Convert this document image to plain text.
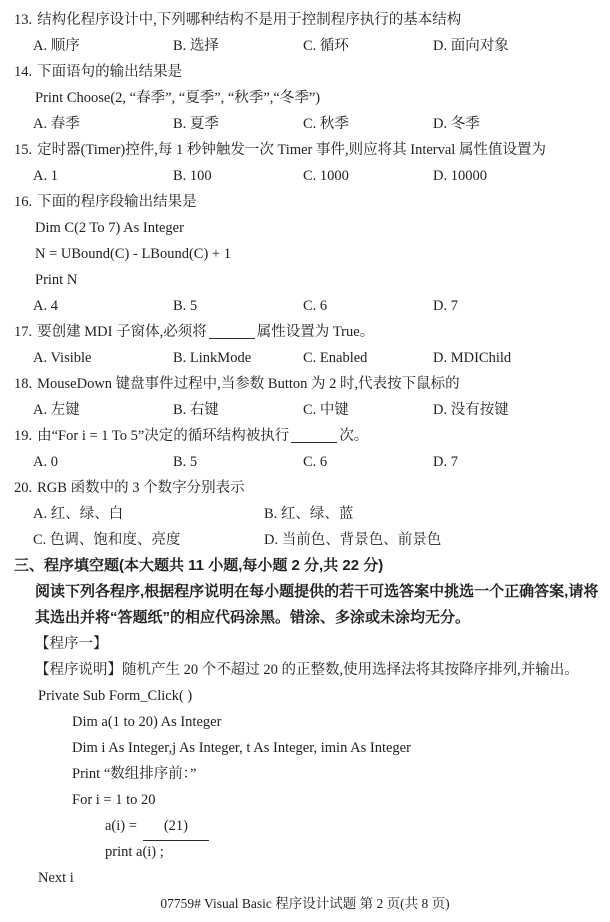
13. 结构化程序设计中,下列哪种结构不是用于控制程序执行的基本结构
A. 顺序	B. 选择	C. 循环	D. 面向对象
14. 下面语句的输出结果是
Print Choose(2, “春季”, “夏季”, “秋季”,“冬季”)
A. 春季	B. 夏季	C. 秋季	D. 冬季
15. 定时器(Timer)控件,每 1 秒钟触发一次 Timer 事件,则应将其 Interval 属性值设置为
A. 1	B. 100	C. 1000	D. 10000
16. 下面的程序段输出结果是
Dim C(2 To 7) As Integer
N = UBound(C) - LBound(C) + 1
Print N
A. 4	B. 5	C. 6	D. 7
17. 要创建 MDI 子窗体,必须将	属性设置为 True。
A. Visible	B. LinkMode	C. Enabled	D. MDIChild
18. MouseDown 键盘事件过程中,当参数 Button 为 2 时,代表按下鼠标的
A. 左键	B. 右键	C. 中键	D. 没有按键
19. 由“For i = 1 To 5”决定的循环结构被执行	次。
A. 0	B. 5	C. 6	D. 7
20. RGB 函数中的 3 个数字分别表示
A. 红、绿、白	B. 红、绿、蓝
C. 色调、饱和度、亮度	D. 当前色、背景色、前景色
三、程序填空题(本大题共 11 小题,每小题 2 分,共 22 分)
阅读下列各程序,根据程序说明在每小题提供的若干可选答案中挑选一个正确答案,请将
其选出并将“答题纸”的相应代码涂黑。错涂、多涂或未涂均无分。
【程序一】
【程序说明】随机产生 20 个不超过 20 的正整数,使用选择法将其按降序排列,并输出。
Private Sub Form_Click( )
Dim a(1 to 20) As Integer
Dim i As Integer,j As Integer, t As Integer, imin As Integer
Print “数组排序前：”
For i = 1 to 20
a(i) = (21)
print a(i) ;
Next i
07759# Visual Basic 程序设计试题 第 2 页(共 8 页)
